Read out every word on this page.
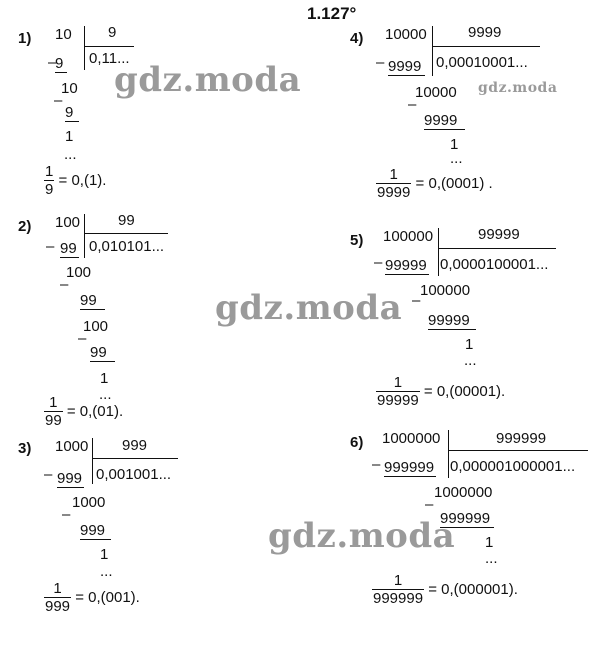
1.127°
1) 10 9
0,11...
–
9
10
–
9
1
...
$\frac{1}{9} = 0,(1)$.
2) 100	99
0,010101...
– 99
100
–
99
100
–
99
1
...
$\frac{1}{99} = 0,(01)$.
3) 1000 999
0,001001...
– 999
1000
–
999
1
...
$\frac{1}{999} = 0,(001)$.
4) 10000	9999
0,00010001...
– 9999
10000
–
9999
1
...
$\frac{1}{9999} = 0,(0001)$ .
5) 100000	99999
0,0000100001...
– 99999
100000
–
99999
1
...
$\frac{1}{99999} = 0,(00001)$.
6) 1000000	999999
0,000001000001...
– 999999
1000000
–
999999
1
...
$\frac{1}{999999} = 0,(000001)$.
gdz.moda	gdz.moda
gdz.moda
gdz.moda
